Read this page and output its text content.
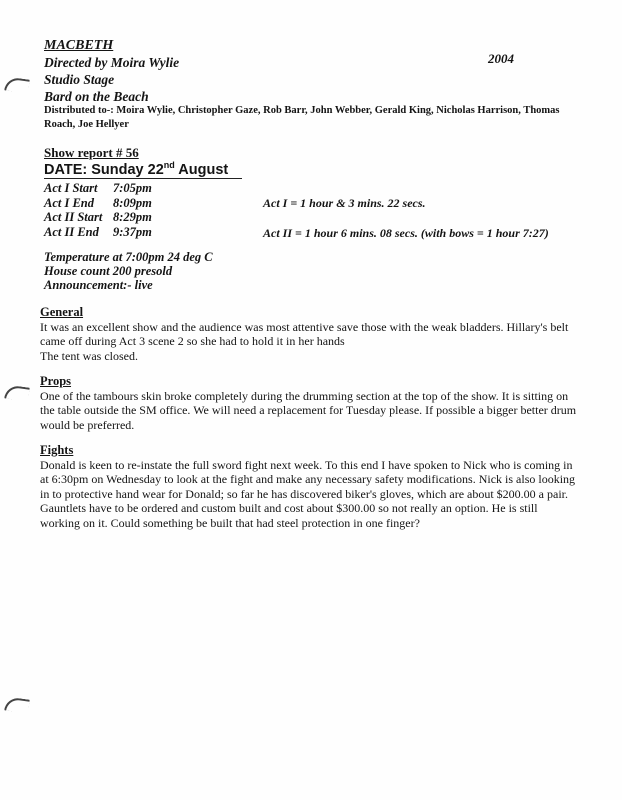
MACBETH
Directed by Moira Wylie
Studio Stage
Bard on the Beach
2004
Distributed to-: Moira Wylie, Christopher Gaze, Rob Barr, John Webber, Gerald King, Nicholas Harrison, Thomas Roach, Joe Hellyer
Show report # 56
DATE: Sunday 22nd August
Act I Start	7:05pm
Act I End	8:09pm
Act II Start 8:29pm
Act II End	9:37pm
Act I = 1 hour & 3 mins. 22 secs.
Act II = 1 hour 6 mins. 08 secs. (with bows = 1 hour 7:27)
Temperature at 7:00pm 24 deg C
House count 200 presold
Announcement:- live
General

It was an excellent show and the audience was most attentive save those with the weak bladders. Hillary's belt came off during Act 3 scene 2 so she had to hold it in her hands

The tent was closed.

Props

One of the tambours skin broke completely during the drumming section at the top of the show. It is sitting on the table outside the SM office. We will need a replacement for Tuesday please. If possible a bigger better drum would be preferred.

Fights

Donald is keen to re-instate the full sword fight next week. To this end I have spoken to Nick who is coming in at 6:30pm on Wednesday to look at the fight and make any necessary safety modifications. Nick is also looking in to protective hand wear for Donald; so far he has discovered biker's gloves, which are about $200.00 a pair. Gauntlets have to be ordered and custom built and cost about $300.00 so not really an option. He is still working on it. Could something be built that had steel protection in one finger?
